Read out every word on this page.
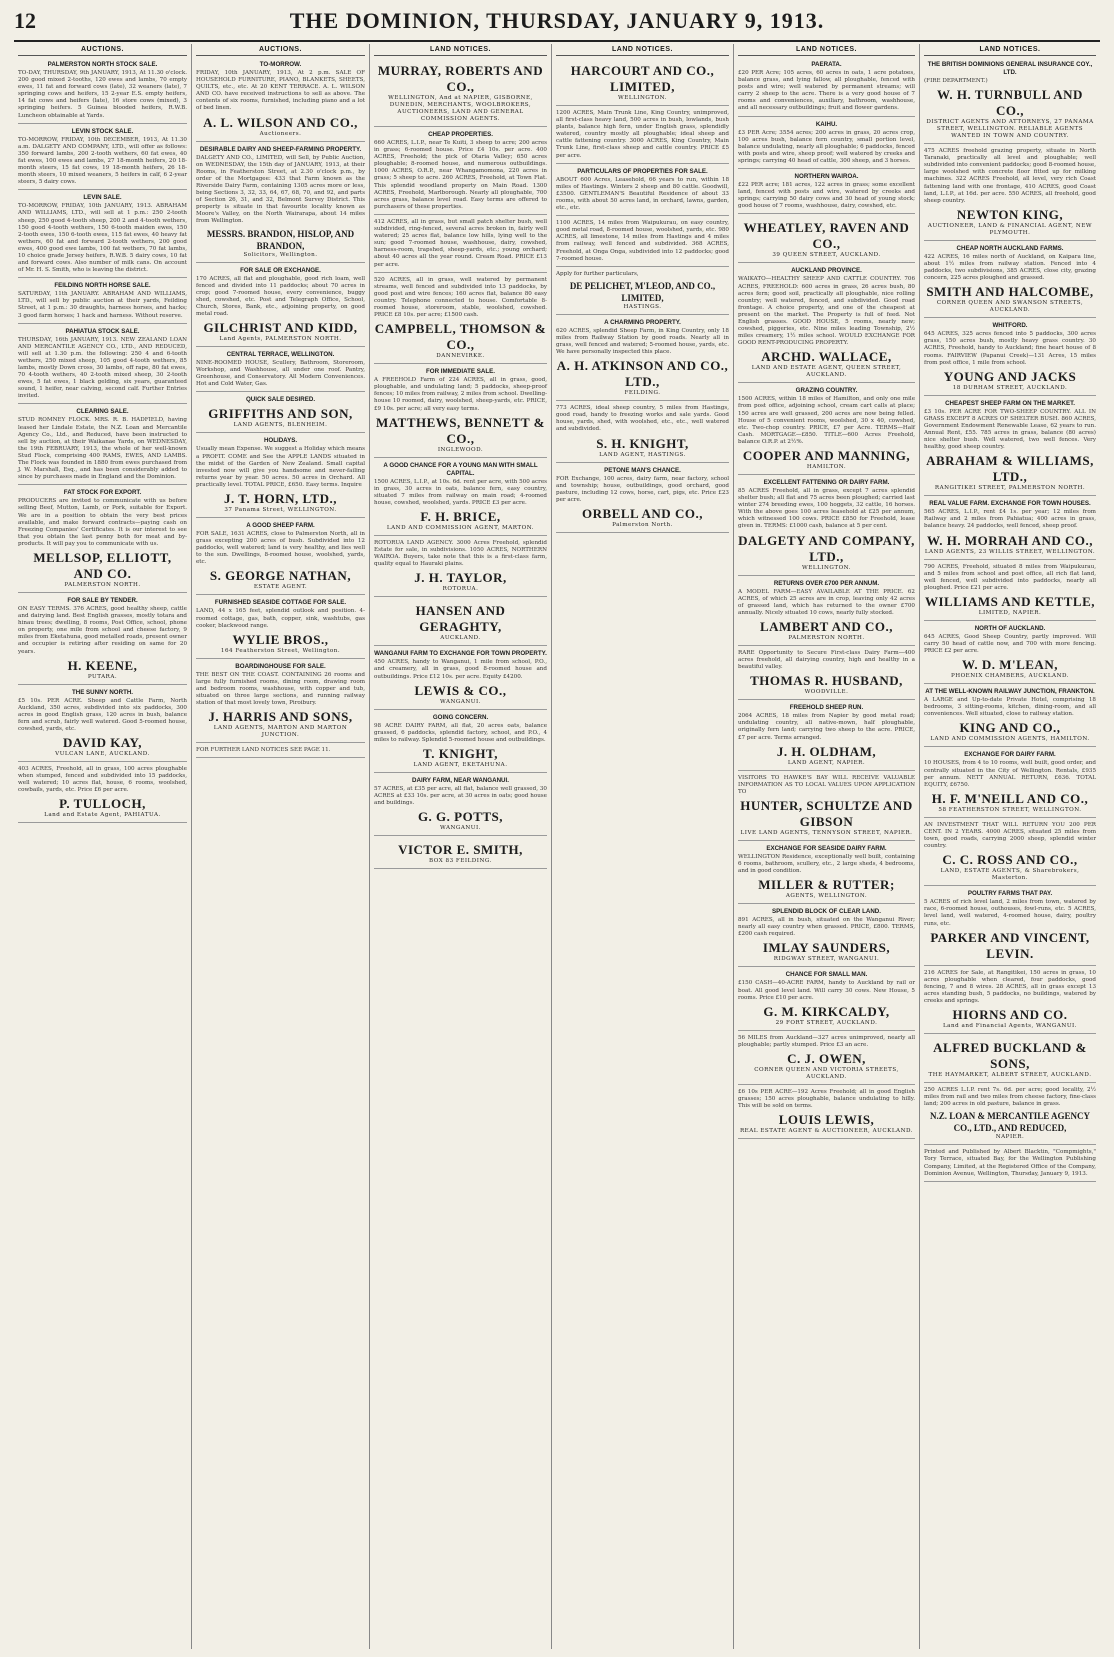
12	THE DOMINION, THURSDAY, JANUARY 9, 1913.
AUCTIONS.
PALMERSTON NORTH STOCK SALE.
TO-DAY, THURSDAY, 9th JANUARY, 1913, At 11.30 o'clock. 200 good mixed 2-tooths, 120 ewes and lambs, 70 empty ewes, 11 fat and forward cows (late), 32 weaners (late), 7 springing cows and heifers, 15 2-year E.S. empty heifers, 14 fat cows and heifers (late), 16 store cows (mixed), 3 springing heifers. 5 Guinea blooded heifers, R.W.B. Luncheon obtainable at Yards.
LEVIN STOCK SALE.
TO-MORROW, FRIDAY, 10th DECEMBER, 1913, At 11.30 a.m. DALGETY AND COMPANY, LTD., will offer as follows: 350 forward lambs, 200 2-tooth wethers, 60 fat ewes, 40 fat ewes, 100 ewes and lambs, 27 18-month heifers, 20 18-month steers, 15 fat cows, 19 18-month heifers, 26 18-month steers, 10 mixed weaners, 5 heifers in calf, 6 2-year steers, 5 dairy cows.
LEVIN SALE.
TO-MORROW, FRIDAY, 10th JANUARY, 1913. ABRAHAM AND WILLIAMS, LTD., will sell at 1 p.m.: 250 2-tooth sheep, 250 good 4-tooth sheep, 200 2 and 4-tooth wethers, 150 good 4-tooth wethers, 150 6-tooth maiden ewes, 150 2-tooth ewes, 150 6-tooth ewes, 115 fat ewes, 40 heavy fat wethers, 60 fat and forward 2-tooth wethers, 200 good ewes, 400 good ewe lambs, 100 fat wethers, 70 fat lambs, 10 choice grade Jersey heifers, R.W.B. 5 dairy cows, 10 fat and forward cows. Also number of milk cans. On account of Mr. H. S. Smith, who is leaving the district.
FEILDING NORTH HORSE SALE.
SATURDAY, 11th JANUARY. ABRAHAM AND WILLIAMS, LTD., will sell by public auction at their yards, Feilding Street, at 1 p.m.: 30 draughts, harness horses, and hacks; 3 good farm horses; 1 hack and harness. Without reserve.
PAHIATUA STOCK SALE.
THURSDAY, 16th JANUARY, 1913. NEW ZEALAND LOAN AND MERCANTILE AGENCY CO., LTD., AND REDUCED, will sell at 1.30 p.m. the following: 250 4 and 6-tooth wethers, 250 mixed sheep, 105 good 4-tooth wethers, 85 lambs, mostly Down cross, 30 lambs, off rape, 80 fat ewes, 70 4-tooth wethers, 40 2-tooth mixed sheep, 30 2-tooth ewes, 5 fat ewes, 1 black gelding, six years, guaranteed sound, 1 heifer, near calving, second calf. Further Entries invited.
CLEARING SALE.
STUD ROMNEY FLOCK. MRS. R. B. HADFIELD, having leased her Lindale Estate, the N.Z. Loan and Mercantile Agency Co., Ltd., and Reduced, have been instructed to sell by auction, at their Waikanae Yards, on WEDNESDAY, the 19th FEBRUARY, 1913, the whole of her well-known Stud Flock, comprising 400 RAMS, EWES, AND LAMBS. The Flock was founded in 1880 from ewes purchased from J. W. Marshall, Esq., and has been considerably added to since by purchases made in England and the Dominion.
FAT STOCK FOR EXPORT.
PRODUCERS are invited to communicate with us before selling Beef, Mutton, Lamb, or Pork, suitable for Export. We are in a position to obtain the very best prices available, and make forward contracts—paying cash on Freezing Companies' Certificates. It is our interest to see that you obtain the last penny both for meat and by-products. It will pay you to communicate with us.
MELLSOP, ELLIOTT, AND CO.
PALMERSTON NORTH.
FOR SALE BY TENDER.
ON EASY TERMS. 376 ACRES, good healthy sheep, cattle and dairying land. Best English grasses, mostly totara and hinau trees; dwelling, 8 rooms, Post Office, school, phone on property, one mile from school and cheese factory, 9 miles from Eketahuna, good metalled roads, present owner and occupier is retiring after residing on same for 20 years.
H. KEENE,
PUTARA.
THE SUNNY NORTH.
£5 10s. PER ACRE. Sheep and Cattle Farm, North Auckland, 350 acres, subdivided into six paddocks, 300 acres in good English grass, 120 acres in bush, balance fern and scrub, fairly well watered. Good 5-roomed house, cowshed, yards, etc.
DAVID KAY,
VULCAN LANE, AUCKLAND.
403 ACRES, Freehold, all in grass, 100 acres ploughable when stumped, fenced and subdivided into 15 paddocks, well watered; 10 acres flat, house, 6 rooms, woolshed, cowbails, yards, etc. Price £6 per acre.
P. TULLOCH,
Land and Estate Agent, PAHIATUA.
AUCTIONS.
TO-MORROW.
FRIDAY, 10th JANUARY, 1913, At 2 p.m. SALE OF HOUSEHOLD FURNITURE, PIANO, BLANKETS, SHEETS, QUILTS, etc., etc. At 20 KENT TERRACE. A. L. WILSON AND CO. have received instructions to sell as above. The contents of six rooms, furnished, including piano and a lot of bed linen.
A. L. WILSON AND CO.,
Auctioneers.
DESIRABLE DAIRY AND SHEEP-FARMING PROPERTY.
DALGETY AND CO., LIMITED, will Sell, by Public Auction, on WEDNESDAY, the 15th day of JANUARY, 1913, at their Rooms, in Featherston Street, at 2.30 o'clock p.m., by order of the Mortgagee: 433 that Farm known as the Riverside Dairy Farm, containing 1305 acres more or less, being Sections 3, 32, 33, 64, 67, 68, 70, and 92, and parts of Section 26, 31, and 32, Belmont Survey District. This property is situate in that favourite locality known as Moore's Valley, on the North Wairarapa, about 14 miles from Wellington.
MESSRS. BRANDON, HISLOP, AND BRANDON,
Solicitors, Wellington.
FOR SALE OR EXCHANGE.
170 ACRES, all flat and ploughable, good rich loam, well fenced and divided into 11 paddocks; about 70 acres in crop; good 7-roomed house, every convenience, buggy shed, cowshed, etc. Post and Telegraph Office, School, Church, Stores, Bank, etc., adjoining property, on good metal road.
GILCHRIST AND KIDD,
Land Agents, PALMERSTON NORTH.
CENTRAL TERRACE, WELLINGTON.
NINE-ROOMED HOUSE, Scullery, Bathroom, Storeroom, Workshop, and Washhouse, all under one roof. Pantry, Greenhouse, and Conservatory. All Modern Conveniences. Hot and Cold Water, Gas.
QUICK SALE DESIRED.
GRIFFITHS AND SON,
LAND AGENTS, BLENHEIM.
HOLIDAYS.
Usually mean Expense. We suggest a Holiday which means a PROFIT. COME and See the APPLE LANDS situated in the midst of the Garden of New Zealand. Small capital invested now will give you handsome and never-failing returns year by year. 50 acres. 50 acres in Orchard. All practically level. TOTAL PRICE, £650. Easy terms. Inquire
J. T. HORN, LTD.,
37 Panama Street, WELLINGTON.
A GOOD SHEEP FARM.
FOR SALE, 1631 ACRES, close to Palmerston North, all in grass excepting 200 acres of bush. Subdivided into 12 paddocks, well watered; land is very healthy, and lies well to the sun. Dwellings, 8-roomed house, woolshed, yards, etc.
S. GEORGE NATHAN,
ESTATE AGENT.
FURNISHED SEASIDE COTTAGE FOR SALE.
LAND, 44 x 165 feet, splendid outlook and position. 4-roomed cottage, gas, bath, copper, sink, washtubs, gas cooker, blackwood range.
WYLIE BROS.,
164 Featherston Street, Wellington.
BOARDINGHOUSE FOR SALE.
THE BEST ON THE COAST. CONTAINING 26 rooms and large fully furnished rooms, dining room, drawing room and bedroom rooms, washhouse, with copper and tub, situated on three large sections, and running railway station of that most lovely town, Piroibury.
J. HARRIS AND SONS,
LAND AGENTS, MARTON AND MARTON JUNCTION.
FOR FURTHER LAND NOTICES SEE PAGE 11.
LAND NOTICES.
MURRAY, ROBERTS AND CO.,
WELLINGTON, And at NAPIER, GISBORNE, DUNEDIN, MERCHANTS, WOOLBROKERS, AUCTIONEERS, LAND AND GENERAL COMMISSION AGENTS.
CHEAP PROPERTIES.
660 ACRES, L.I.P., near Te Kuiti, 3 sheep to acre; 200 acres in grass; 6-roomed house. Price £4 10s. per acre. 400 ACRES, Freehold; the pick of Otaria Valley; 650 acres ploughable; 8-roomed house, and numerous outbuildings. 1000 ACRES, O.R.P., near Whangamomona, 220 acres in grass; 5 sheep to acre. 260 ACRES, Freehold, at Town Flat. This splendid woodland property on Main Road. 1300 ACRES, Freehold, Marlborough. Nearly all ploughable, 700 acres grass, balance level road. Easy terms are offered to purchasers of these properties.
412 ACRES, all in grass, but small patch shelter bush, well subdivided, ring-fenced, several acres broken in, fairly well watered; 25 acres flat, balance low hills, lying well to the sun; good 7-roomed house, washhouse, dairy, cowshed, harness-room, trapshed, sheep-yards, etc.; young orchard; about 40 acres all the year round. Cream Road. PRICE £13 per acre.
520 ACRES, all in grass, well watered by permanent streams, well fenced and subdivided into 13 paddocks, by good post and wire fences; 160 acres flat, balance 80 easy country. Telephone connected to house. Comfortable 8-roomed house, storeroom, stable, woolshed, cowshed. PRICE £8 10s. per acre; £1500 cash.
CAMPBELL, THOMSON & CO.,
DANNEVIRKE.
FOR IMMEDIATE SALE.
A FREEHOLD Farm of 224 ACRES, all in grass, good, ploughable, and undulating land; 5 paddocks, sheep-proof fences; 10 miles from railway, 2 miles from school. Dwelling-house 10 roomed, dairy, woolshed, sheep-yards, etc. PRICE, £9 10s. per acre; all very easy terms.
MATTHEWS, BENNETT & CO.,
INGLEWOOD.
A GOOD CHANCE FOR A YOUNG MAN WITH SMALL CAPITAL.
1500 ACRES, L.I.P., at 10s. 6d. rent per acre, with 500 acres in grass, 30 acres in oats, balance fern, easy country, situated 7 miles from railway on main road; 4-roomed house, cowshed, woolshed, yards. PRICE £3 per acre.
F. H. BRICE,
LAND AND COMMISSION AGENT, MARTON.
ROTORUA LAND AGENCY. 3000 Acres Freehold, splendid Estate for sale, in subdivisions. 1050 ACRES, NORTHERN WAIROA. Buyers, take note that this is a first-class farm, quality equal to Hauraki plains.
J. H. TAYLOR,
ROTORUA.
HANSEN AND GERAGHTY,
AUCKLAND.
WANGANUI FARM TO EXCHANGE FOR TOWN PROPERTY.
450 ACRES, handy to Wanganui, 1 mile from school, P.O., and creamery, all in grass, good 8-roomed house and outbuildings. Price £12 10s. per acre. Equity £4200.
LEWIS & CO.,
WANGANUI.
GOING CONCERN.
98 ACRE DAIRY FARM, all flat, 20 acres oats, balance grassed, 6 paddocks, splendid factory, school, and P.O., 4 miles to railway. Splendid 5-roomed house and outbuildings.
T. KNIGHT,
LAND AGENT, EKETAHUNA.
DAIRY FARM, NEAR WANGANUI.
57 ACRES, at £35 per acre, all flat, balance well grassed, 30 ACRES at £33 10s. per acre, at 30 acres in oats; good house and buildings.
G. G. POTTS,
WANGANUI.
VICTOR E. SMITH,
BOX 83 FEILDING.
LAND NOTICES.
HARCOURT AND CO., LIMITED,
WELLINGTON.
1200 ACRES, Main Trunk Line, King Country, unimproved, all first-class heavy land, 500 acres in bush, lowlands, bush plants, balance high fern, under English grass, splendidly watered, country mostly all ploughable; ideal sheep and cattle fattening country. 3000 ACRES, King Country, Main Trunk Line, first-class sheep and cattle country. PRICE £5 per acre.
PARTICULARS OF PROPERTIES FOR SALE.
ABOUT 600 Acres, Leasehold, 66 years to run, within 18 miles of Hastings. Winters 2 sheep and 80 cattle. Goodwill, £3500. GENTLEMAN'S Beautiful Residence of about 33 rooms, with about 50 acres land, in orchard, lawns, garden, etc., etc.
1100 ACRES, 14 miles from Waipukurau, on easy country, good metal road, 8-roomed house, woolshed, yards, etc. 980 ACRES, all limestone, 14 miles from Hastings and 4 miles from railway, well fenced and subdivided. 368 ACRES, Freehold, at Onga Onga, subdivided into 12 paddocks; good 7-roomed house.
Apply for further particulars,
DE PELICHET, M'LEOD, AND CO., LIMITED,
HASTINGS.
A CHARMING PROPERTY.
620 ACRES, splendid Sheep Farm, in King Country, only 18 miles from Railway Station by good roads. Nearly all in grass, well fenced and watered; 5-roomed house, yards, etc. We have personally inspected this place.
A. H. ATKINSON AND CO., LTD.,
FEILDING.
773 ACRES, ideal sheep country, 5 miles from Hastings, good road, handy to freezing works and sale yards. Good house, yards, shed, with woolshed, etc., etc., well watered and subdivided.
S. H. KNIGHT,
LAND AGENT, HASTINGS.
PETONE MAN'S CHANCE.
FOR Exchange, 100 acres, dairy farm, near factory, school and township; house, outbuildings, good orchard, good pasture, including 12 cows, horse, cart, pigs, etc. Price £23 per acre.
ORBELL AND CO.,
Palmerston North.
LAND NOTICES.
PAERATA.
£20 PER Acre; 105 acres, 60 acres in oats, 1 acre potatoes, balance grass, and lying fallow, all ploughable, fenced with posts and wire; well watered by permanent streams; will carry 2 sheep to the acre. There is a very good house of 7 rooms and conveniences, auxiliary, bathroom, washhouse, and all necessary outbuildings; fruit and flower gardens.
KAIHU.
£3 PER Acre; 3554 acres; 200 acres in grass, 20 acres crop, 100 acres bush, balance fern country, small portion level, balance undulating, nearly all ploughable; 6 paddocks, fenced with posts and wire, sheep proof; well watered by creeks and springs; carrying 40 head of cattle, 300 sheep, and 3 horses.
NORTHERN WAIROA.
£22 PER acre; 181 acres, 122 acres in grass; some excellent land, fenced with posts and wire, watered by creeks and springs; carrying 50 dairy cows and 30 head of young stock; good house of 7 rooms, washhouse, dairy, cowshed, etc.
WHEATLEY, RAVEN AND CO.,
39 QUEEN STREET, AUCKLAND.
AUCKLAND PROVINCE.
WAIKATO—HEALTHY SHEEP AND CATTLE COUNTRY. 706 ACRES, FREEHOLD: 600 acres in grass, 26 acres bush, 80 acres fern; good soil, practically all ploughable, nice rolling country; well watered, fenced, and subdivided. Good road frontage. A choice property, and one of the cheapest at present on the market. The Property is full of feed. Not English grasses. GOOD HOUSE, 5 rooms, nearly new; cowshed, piggeries, etc. Nine miles leading Township, 2½ miles creamery, 1½ miles school. WOULD EXCHANGE FOR GOOD RENT-PRODUCING PROPERTY.
ARCHD. WALLACE,
LAND AND ESTATE AGENT, QUEEN STREET, AUCKLAND.
GRAZING COUNTRY.
1500 ACRES, within 18 miles of Hamilton, and only one mile from post office, adjoining school, cream cart calls at place; 150 acres are well grassed, 200 acres are now being felled. House of 5 convenient rooms, woolshed, 30 x 40, cowshed, etc. Two-chop country. PRICE, £7 per Acre. TERMS—Half Cash. MORTGAGE—£850. TITLE—600 Acres Freehold, balance O.R.P. at 2½%.
COOPER AND MANNING,
HAMILTON.
EXCELLENT FATTENING OR DAIRY FARM.
85 ACRES Freehold, all in grass, except 7 acres splendid shelter bush; all flat and 75 acres been ploughed; carried last winter 274 breeding ewes, 100 hoggets, 32 cattle, 16 horses. With the above goes 100 acres leasehold at £25 per annum, which witnessed 100 cows. PRICE £850 for Freehold, lease given in. TERMS: £1000 cash, balance at 5 per cent.
DALGETY AND COMPANY, LTD.,
WELLINGTON.
RETURNS OVER £700 PER ANNUM.
A MODEL FARM—EASY AVAILABLE AT THE PRICE. 62 ACRES, of which 25 acres are in crop, leaving only 42 acres of grassed land, which has returned to the owner £700 annually. Nicely situated 10 cows, nearly fully stocked.
LAMBERT AND CO.,
PALMERSTON NORTH.
RARE Opportunity to Secure First-class Dairy Farm—400 acres freehold, all dairying country, high and healthy in a beautiful valley.
THOMAS R. HUSBAND,
WOODVILLE.
FREEHOLD SHEEP RUN.
2064 ACRES, 18 miles from Napier by good metal road; undulating country, all native-mown, half ploughable, originally fern land; carrying two sheep to the acre. PRICE, £7 per acre. Terms arranged.
J. H. OLDHAM,
LAND AGENT, NAPIER.
VISITORS TO HAWKE'S BAY WILL RECEIVE VALUABLE INFORMATION AS TO LOCAL VALUES UPON APPLICATION TO
HUNTER, SCHULTZE AND GIBSON
LIVE LAND AGENTS, TENNYSON STREET, NAPIER.
EXCHANGE FOR SEASIDE DAIRY FARM.
WELLINGTON Residence, exceptionally well built, containing 6 rooms, bathroom, scullery, etc., 2 large sheds, 4 bedrooms, and in good condition.
MILLER & RUTTER;
AGENTS, WELLINGTON.
SPLENDID BLOCK OF CLEAR LAND.
891 ACRES, all in bush, situated on the Wanganui River; nearly all easy country when grassed. PRICE, £800. TERMS, £200 cash required.
IMLAY SAUNDERS,
RIDGWAY STREET, WANGANUI.
CHANCE FOR SMALL MAN.
£150 CASH—40-ACRE FARM, handy to Auckland by rail or boat. All good level land. Will carry 30 cows. New House, 5 rooms. Price £10 per acre.
G. M. KIRKCALDY,
29 FORT STREET, AUCKLAND.
56 MILES from Auckland—327 acres unimproved, nearly all ploughable; partly stumped. Price £3 an acre.
C. J. OWEN,
CORNER QUEEN AND VICTORIA STREETS, AUCKLAND.
£6 10s PER ACRE—192 Acres Freehold; all in good English grasses; 150 acres ploughable, balance undulating to hilly. This will be sold on terms.
LOUIS LEWIS,
REAL ESTATE AGENT & AUCTIONEER, AUCKLAND.
LAND NOTICES.
THE BRITISH DOMINIONS GENERAL INSURANCE COY., LTD.
(FIRE DEPARTMENT.)
W. H. TURNBULL AND CO.,
DISTRICT AGENTS AND ATTORNEYS, 27 PANAMA STREET, WELLINGTON. RELIABLE AGENTS WANTED IN TOWN AND COUNTRY.
475 ACRES freehold grazing property, situate in North Taranaki, practically all level and ploughable; well subdivided into convenient paddocks; good 8-roomed house, large woolshed with concrete floor fitted up for milking machines. 322 ACRES Freehold, all level, very rich Coast fattening land with one frontage, 410 ACRES, good Coast land, L.I.P., at 16d. per acre. 550 ACRES, all freehold, good sheep country.
NEWTON KING,
AUCTIONEER, LAND & FINANCIAL AGENT, NEW PLYMOUTH.
CHEAP NORTH AUCKLAND FARMS.
422 ACRES, 16 miles north of Auckland, on Kaipara line, about 1½ miles from railway station. Fenced into 4 paddocks, two subdivisions, 385 ACRES, close city, grazing concern, 225 acres ploughed and grassed.
SMITH AND HALCOMBE,
CORNER QUEEN AND SWANSON STREETS, AUCKLAND.
WHITFORD.
645 ACRES, 325 acres fenced into 5 paddocks, 300 acres grass, 150 acres bush, mostly heavy grass country. 30 ACRES, Freehold, handy to Auckland; fine heart house of 8 rooms. FAIRVIEW (Papanui Creek)—131 Acres, 15 miles from post office, 1 mile from school.
YOUNG AND JACKS
18 DURHAM STREET, AUCKLAND.
CHEAPEST SHEEP FARM ON THE MARKET.
£3 10s. PER ACRE FOR TWO-SHEEP COUNTRY. ALL IN GRASS EXCEPT 8 ACRES OF SHELTER BUSH. 860 ACRES, Government Endowment Renewable Lease, 62 years to run. Annual Rent, £55. 785 acres in grass, balance (80 acres) nice shelter bush. Well watered, two well fences. Very healthy, good sheep country.
ABRAHAM & WILLIAMS, LTD.,
RANGITIKEI STREET, PALMERSTON NORTH.
REAL VALUE FARM. EXCHANGE FOR TOWN HOUSES.
565 ACRES, L.I.P., rent £4 1s. per year; 12 miles from Railway and 2 miles from Pahiatua; 400 acres in grass, balance heavy. 24 paddocks, well fenced, sheep proof.
W. H. MORRAH AND CO.,
LAND AGENTS, 23 WILLIS STREET, WELLINGTON.
790 ACRES, Freehold, situated 8 miles from Waipukurau, and 5 miles from school and post office, all rich flat land, well fenced, well subdivided into paddocks, nearly all ploughed. Price £21 per acre.
WILLIAMS AND KETTLE,
LIMITED, NAPIER.
NORTH OF AUCKLAND.
645 ACRES, Good Sheep Country, partly improved. Will carry 50 head of cattle now, and 700 with more fencing. PRICE £2 per acre.
W. D. M'LEAN,
PHOENIX CHAMBERS, AUCKLAND.
AT THE WELL-KNOWN RAILWAY JUNCTION, FRANKTON.
A LARGE and Up-to-date Private Hotel, comprising 18 bedrooms, 3 sitting-rooms, kitchen, dining-room, and all conveniences. Well situated, close to railway station.
KING AND CO.,
LAND AND COMMISSION AGENTS, HAMILTON.
EXCHANGE FOR DAIRY FARM.
10 HOUSES, from 4 to 10 rooms, well built, good order, and centrally situated in the City of Wellington. Rentals, £935 per annum. NETT ANNUAL RETURN, £636. TOTAL EQUITY, £6750.
H. F. M'NEILL AND CO.,
58 FEATHERSTON STREET, WELLINGTON.
AN INVESTMENT THAT WILL RETURN YOU 200 PER CENT. IN 2 YEARS. 4000 ACRES, situated 25 miles from town, good roads, carrying 2000 sheep, splendid winter country.
C. C. ROSS AND CO.,
LAND, ESTATE AGENTS, & Sharebrokers, Masterton.
POULTRY FARMS THAT PAY.
5 ACRES of rich level land, 2 miles from town, watered by race, 6-roomed house, outhouses, fowl-runs, etc. 5 ACRES, level land, well watered, 4-roomed house, dairy, poultry runs, etc.
PARKER AND VINCENT, LEVIN.
216 ACRES for Sale, at Rangitikei, 150 acres in grass, 10 acres ploughable when cleared, four paddocks, good fencing, 7 and 8 wires. 28 ACRES, all in grass except 13 acres standing bush, 5 paddocks, no buildings, watered by creeks and springs.
HIORNS AND CO.
Land and Financial Agents, WANGANUI.
ALFRED BUCKLAND & SONS,
THE HAYMARKET, ALBERT STREET, AUCKLAND.
250 ACRES L.I.P. rent 7s. 6d. per acre; good locality, 2½ miles from rail and two miles from cheese factory, fine-class land; 200 acres in old pasture, balance in grass.
N.Z. LOAN & MERCANTILE AGENCY CO., LTD., AND REDUCED,
NAPIER.
Printed and Published by Albert Blacktin, "Compmights," Tory Terrace, situated Bay, for the Wellington Publishing Company, Limited, at the Registered Office of the Company, Dominion Avenue, Wellington, Thursday, January 9, 1913.
